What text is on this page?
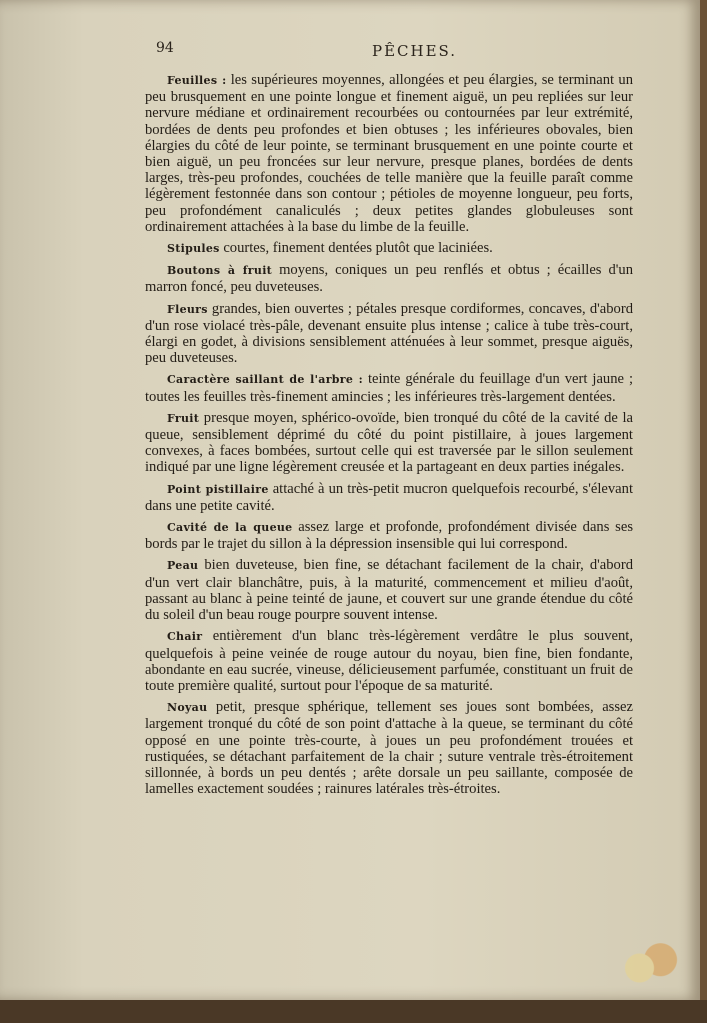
94	PÊCHES.

Feuilles : les supérieures moyennes, allongées et peu élargies, se terminant un peu brusquement en une pointe longue et finement aiguë, un peu repliées sur leur nervure médiane et ordinairement recourbées ou contournées par leur extrémité, bordées de dents peu profondes et bien obtuses ; les inférieures obovales, bien élargies du côté de leur pointe, se terminant brusquement en une pointe courte et bien aiguë, un peu froncées sur leur nervure, presque planes, bordées de dents larges, très-peu profondes, couchées de telle manière que la feuille paraît comme légèrement festonnée dans son contour ; pétioles de moyenne longueur, peu forts, peu profondément canaliculés ; deux petites glandes globuleuses sont ordinairement attachées à la base du limbe de la feuille.

Stipules courtes, finement dentées plutôt que laciniées.

Boutons à fruit moyens, coniques un peu renflés et obtus ; écailles d'un marron foncé, peu duveteuses.

Fleurs grandes, bien ouvertes ; pétales presque cordiformes, concaves, d'abord d'un rose violacé très-pâle, devenant ensuite plus intense ; calice à tube très-court, élargi en godet, à divisions sensiblement atténuées à leur sommet, presque aiguës, peu duveteuses.

Caractère saillant de l'arbre : teinte générale du feuillage d'un vert jaune ; toutes les feuilles très-finement amincies ; les inférieures très-largement dentées.

Fruit presque moyen, sphérico-ovoïde, bien tronqué du côté de la cavité de la queue, sensiblement déprimé du côté du point pistillaire, à joues largement convexes, à faces bombées, surtout celle qui est traversée par le sillon seulement indiqué par une ligne légèrement creusée et la partageant en deux parties inégales.

Point pistillaire attaché à un très-petit mucron quelquefois recourbé, s'élevant dans une petite cavité.

Cavité de la queue assez large et profonde, profondément divisée dans ses bords par le trajet du sillon à la dépression insensible qui lui correspond.

Peau bien duveteuse, bien fine, se détachant facilement de la chair, d'abord d'un vert clair blanchâtre, puis, à la maturité, commencement et milieu d'août, passant au blanc à peine teinté de jaune, et couvert sur une grande étendue du côté du soleil d'un beau rouge pourpre souvent intense.

Chair entièrement d'un blanc très-légèrement verdâtre le plus souvent, quelquefois à peine veinée de rouge autour du noyau, bien fine, bien fondante, abondante en eau sucrée, vineuse, délicieusement parfumée, constituant un fruit de toute première qualité, surtout pour l'époque de sa maturité.

Noyau petit, presque sphérique, tellement ses joues sont bombées, assez largement tronqué du côté de son point d'attache à la queue, se terminant du côté opposé en une pointe très-courte, à joues un peu profondément trouées et rustiquées, se détachant parfaitement de la chair ; suture ventrale très-étroitement sillonnée, à bords un peu dentés ; arête dorsale un peu saillante, composée de lamelles exactement soudées ; rainures latérales très-étroites.
